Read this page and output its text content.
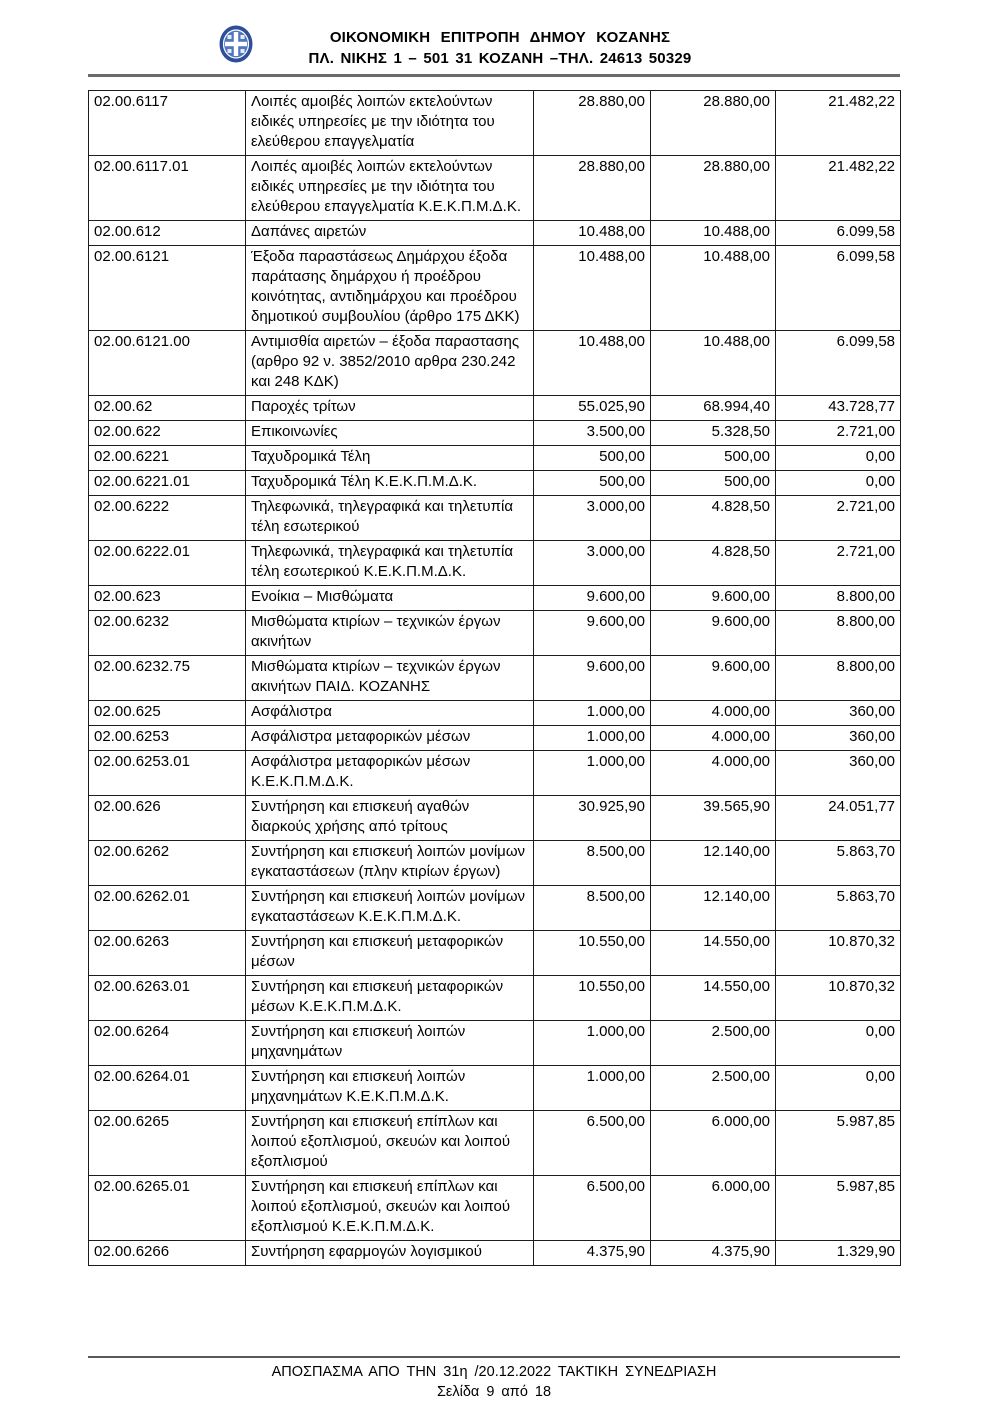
ΟΙΚΟΝΟΜΙΚΗ ΕΠΙΤΡΟΠΗ ΔΗΜΟΥ ΚΟΖΑΝΗΣ
ΠΛ. ΝΙΚΗΣ 1 – 501 31 ΚΟΖΑΝΗ –ΤΗΛ. 24613 50329
02.00.6117	Λοιπές αμοιβές λοιπών εκτελούντων ειδικές υπηρεσίες με την ιδιότητα του ελεύθερου επαγγελματία	28.880,00	28.880,00	21.482,22
02.00.6117.01	Λοιπές αμοιβές λοιπών εκτελούντων ειδικές υπηρεσίες με την ιδιότητα του ελεύθερου επαγγελματία Κ.Ε.Κ.Π.Μ.Δ.Κ.	28.880,00	28.880,00	21.482,22
02.00.612	Δαπάνες αιρετών	10.488,00	10.488,00	6.099,58
02.00.6121	Έξοδα παραστάσεως Δημάρχου έξοδα παράτασης δημάρχου ή προέδρου κοινότητας, αντιδημάρχου και προέδρου δημοτικού συμβουλίου (άρθρο 175 ΔΚΚ)	10.488,00	10.488,00	6.099,58
02.00.6121.00	Αντιμισθία αιρετών – έξοδα παραστασης (αρθρο 92 ν. 3852/2010 αρθρα 230.242 και 248 ΚΔΚ)	10.488,00	10.488,00	6.099,58
02.00.62	Παροχές τρίτων	55.025,90	68.994,40	43.728,77
02.00.622	Επικοινωνίες	3.500,00	5.328,50	2.721,00
02.00.6221	Ταχυδρομικά Τέλη	500,00	500,00	0,00
02.00.6221.01	Ταχυδρομικά Τέλη Κ.Ε.Κ.Π.Μ.Δ.Κ.	500,00	500,00	0,00
02.00.6222	Τηλεφωνικά, τηλεγραφικά και τηλετυπία τέλη εσωτερικού	3.000,00	4.828,50	2.721,00
02.00.6222.01	Τηλεφωνικά, τηλεγραφικά και τηλετυπία τέλη εσωτερικού Κ.Ε.Κ.Π.Μ.Δ.Κ.	3.000,00	4.828,50	2.721,00
02.00.623	Ενοίκια – Μισθώματα	9.600,00	9.600,00	8.800,00
02.00.6232	Μισθώματα κτιρίων – τεχνικών έργων ακινήτων	9.600,00	9.600,00	8.800,00
02.00.6232.75	Μισθώματα κτιρίων – τεχνικών έργων ακινήτων ΠΑΙΔ. ΚΟΖΑΝΗΣ	9.600,00	9.600,00	8.800,00
02.00.625	Ασφάλιστρα	1.000,00	4.000,00	360,00
02.00.6253	Ασφάλιστρα μεταφορικών μέσων	1.000,00	4.000,00	360,00
02.00.6253.01	Ασφάλιστρα μεταφορικών μέσων Κ.Ε.Κ.Π.Μ.Δ.Κ.	1.000,00	4.000,00	360,00
02.00.626	Συντήρηση και επισκευή αγαθών διαρκούς χρήσης από τρίτους	30.925,90	39.565,90	24.051,77
02.00.6262	Συντήρηση και επισκευή λοιπών μονίμων εγκαταστάσεων (πλην κτιρίων έργων)	8.500,00	12.140,00	5.863,70
02.00.6262.01	Συντήρηση και επισκευή λοιπών μονίμων εγκαταστάσεων Κ.Ε.Κ.Π.Μ.Δ.Κ.	8.500,00	12.140,00	5.863,70
02.00.6263	Συντήρηση και επισκευή μεταφορικών μέσων	10.550,00	14.550,00	10.870,32
02.00.6263.01	Συντήρηση και επισκευή μεταφορικών μέσων Κ.Ε.Κ.Π.Μ.Δ.Κ.	10.550,00	14.550,00	10.870,32
02.00.6264	Συντήρηση και επισκευή λοιπών μηχανημάτων	1.000,00	2.500,00	0,00
02.00.6264.01	Συντήρηση και επισκευή λοιπών μηχανημάτων Κ.Ε.Κ.Π.Μ.Δ.Κ.	1.000,00	2.500,00	0,00
02.00.6265	Συντήρηση και επισκευή επίπλων και λοιπού εξοπλισμού, σκευών και λοιπού εξοπλισμού	6.500,00	6.000,00	5.987,85
02.00.6265.01	Συντήρηση και επισκευή επίπλων και λοιπού εξοπλισμού, σκευών και λοιπού εξοπλισμού Κ.Ε.Κ.Π.Μ.Δ.Κ.	6.500,00	6.000,00	5.987,85
02.00.6266	Συντήρηση εφαρμογών λογισμικού	4.375,90	4.375,90	1.329,90
ΑΠΟΣΠΑΣΜΑ ΑΠΟ ΤΗΝ 31η /20.12.2022 ΤΑΚΤΙΚΗ ΣΥΝΕΔΡΙΑΣΗ
Σελίδα 9 από 18
